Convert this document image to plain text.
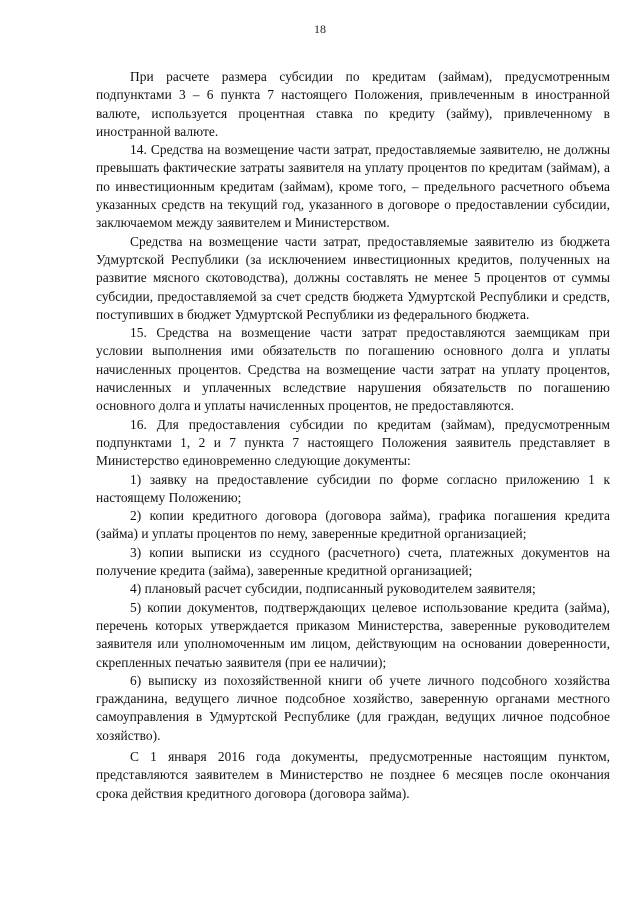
18

При расчете размера субсидии по кредитам (займам), предусмотренным подпунктами 3 – 6 пункта 7 настоящего Положения, привлеченным в иностранной валюте, используется процентная ставка по кредиту (займу), привлеченному в иностранной валюте.

14. Средства на возмещение части затрат, предоставляемые заявителю, не должны превышать фактические затраты заявителя на уплату процентов по кредитам (займам), а по инвестиционным кредитам (займам), кроме того, – предельного расчетного объема указанных средств на текущий год, указанного в договоре о предоставлении субсидии, заключаемом между заявителем и Министерством.

Средства на возмещение части затрат, предоставляемые заявителю из бюджета Удмуртской Республики (за исключением инвестиционных кредитов, полученных на развитие мясного скотоводства), должны составлять не менее 5 процентов от суммы субсидии, предоставляемой за счет средств бюджета Удмуртской Республики и средств, поступивших в бюджет Удмуртской Республики из федерального бюджета.

15. Средства на возмещение части затрат предоставляются заемщикам при условии выполнения ими обязательств по погашению основного долга и уплаты начисленных процентов. Средства на возмещение части затрат на уплату процентов, начисленных и уплаченных вследствие нарушения обязательств по погашению основного долга и уплаты начисленных процентов, не предоставляются.

16. Для предоставления субсидии по кредитам (займам), предусмотренным подпунктами 1, 2 и 7 пункта 7 настоящего Положения заявитель представляет в Министерство единовременно следующие документы:

1) заявку на предоставление субсидии по форме согласно приложению 1 к настоящему Положению;

2) копии кредитного договора (договора займа), графика погашения кредита (займа) и уплаты процентов по нему, заверенные кредитной организацией;

3) копии выписки из ссудного (расчетного) счета, платежных документов на получение кредита (займа), заверенные кредитной организацией;

4) плановый расчет субсидии, подписанный руководителем заявителя;

5) копии документов, подтверждающих целевое использование кредита (займа), перечень которых утверждается приказом Министерства, заверенные руководителем заявителя или уполномоченным им лицом, действующим на основании доверенности, скрепленных печатью заявителя (при ее наличии);

6) выписку из похозяйственной книги об учете личного подсобного хозяйства гражданина, ведущего личное подсобное хозяйство, заверенную органами местного самоуправления в Удмуртской Республике (для граждан, ведущих личное подсобное хозяйство).

С 1 января 2016 года документы, предусмотренные настоящим пунктом, представляются заявителем в Министерство не позднее 6 месяцев после окончания срока действия кредитного договора (договора займа).
